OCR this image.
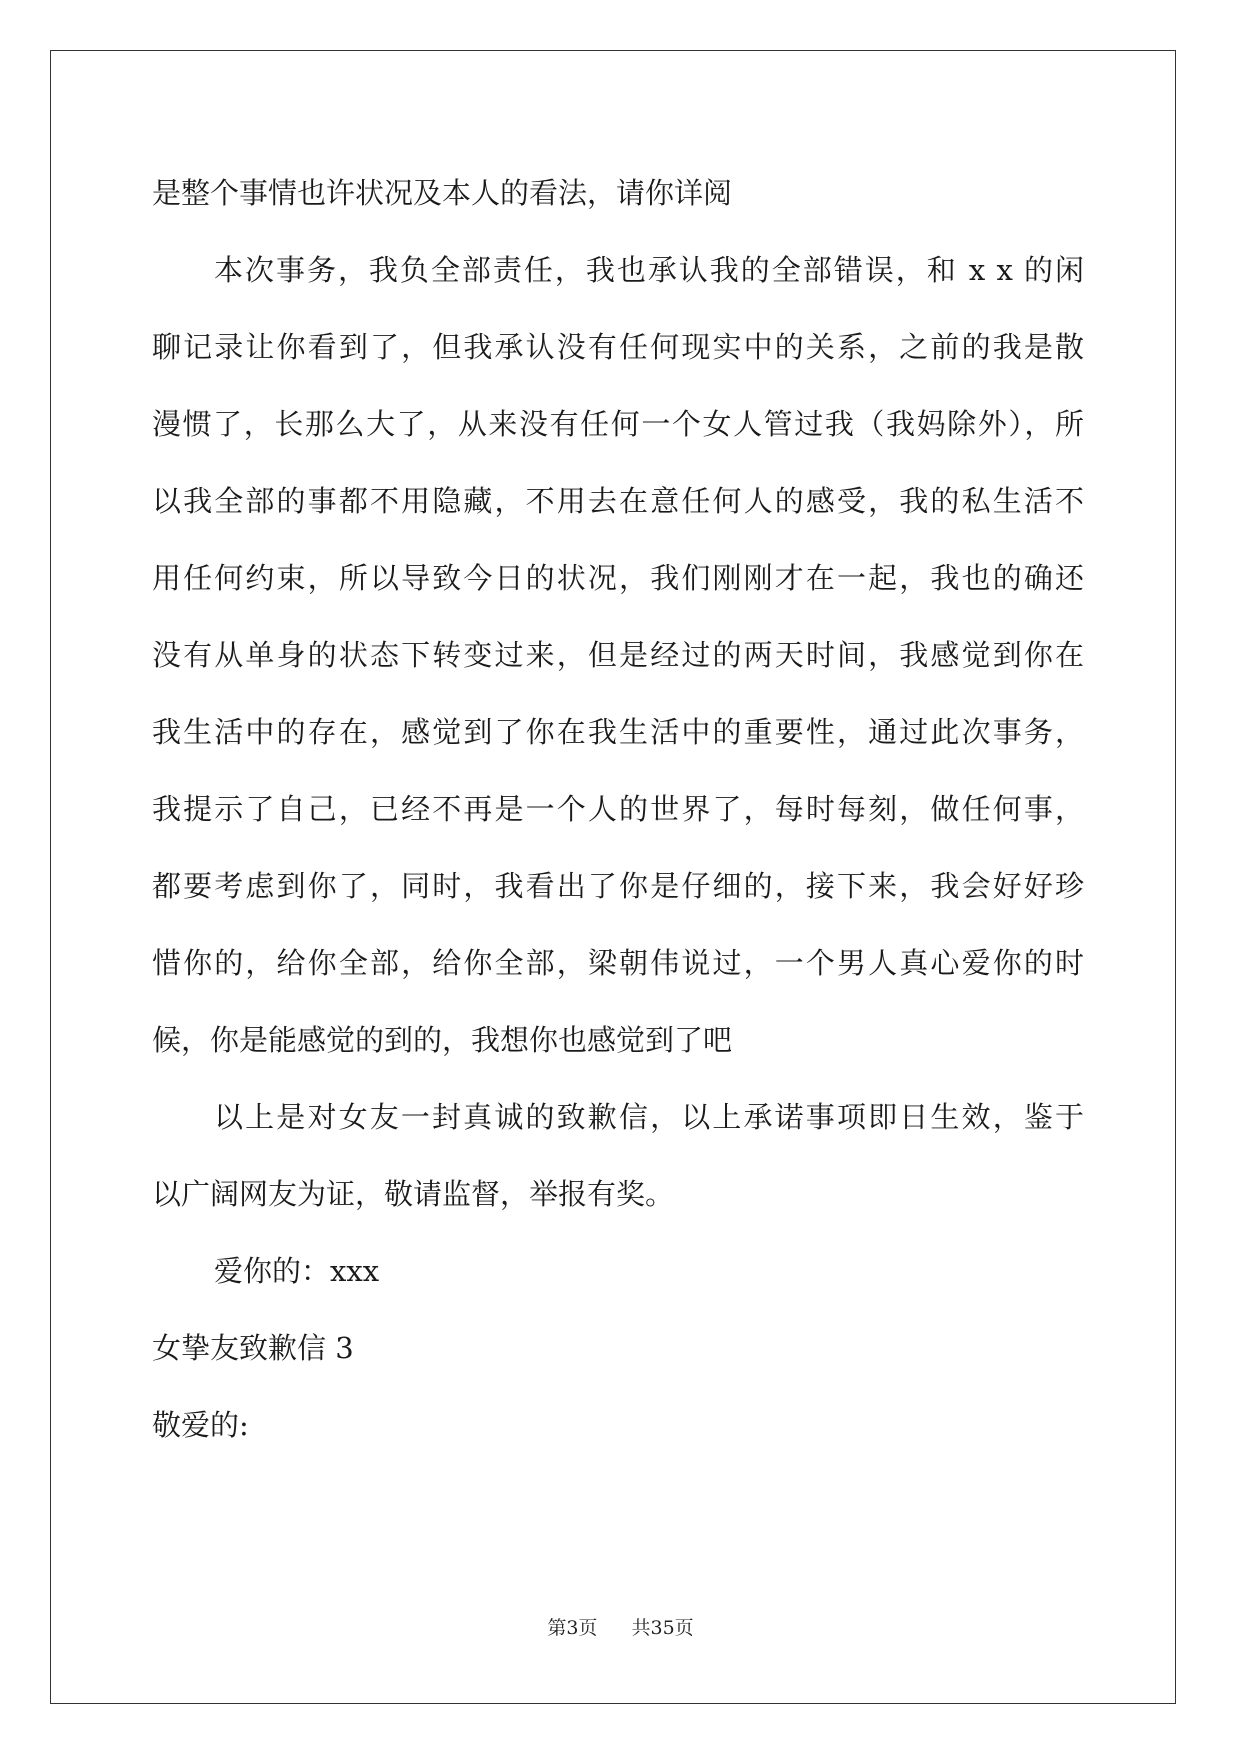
是整个事情也许状况及本人的看法，请你详阅
本次事务，我负全部责任，我也承认我的全部错误，和 x x 的闲
聊记录让你看到了，但我承认没有任何现实中的关系，之前的我是散
漫惯了，长那么大了，从来没有任何一个女人管过我（我妈除外），所
以我全部的事都不用隐藏，不用去在意任何人的感受，我的私生活不
用任何约束，所以导致今日的状况，我们刚刚才在一起，我也的确还
没有从单身的状态下转变过来，但是经过的两天时间，我感觉到你在
我生活中的存在，感觉到了你在我生活中的重要性，通过此次事务，
我提示了自己，已经不再是一个人的世界了，每时每刻，做任何事，
都要考虑到你了，同时，我看出了你是仔细的，接下来，我会好好珍
惜你的，给你全部，给你全部，梁朝伟说过，一个男人真心爱你的时
候，你是能感觉的到的，我想你也感觉到了吧
以上是对女友一封真诚的致歉信，以上承诺事项即日生效，鉴于
以广阔网友为证，敬请监督，举报有奖。
爱你的：xxx
女挚友致歉信 3
敬爱的:
第3页 共35页
